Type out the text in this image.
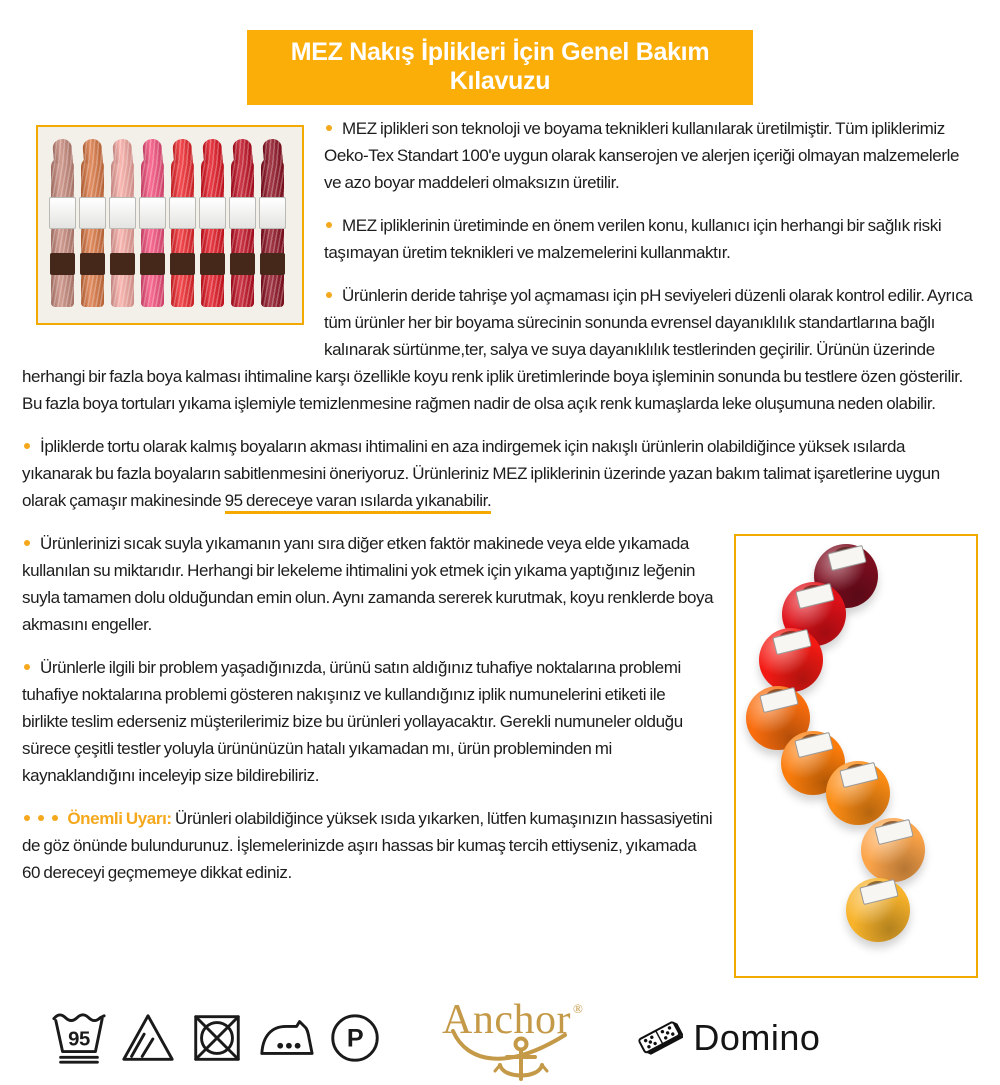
MEZ Nakış İplikleri İçin Genel Bakım Kılavuzu

MEZ iplikleri son teknoloji ve boyama teknikleri kullanılarak üretilmiştir. Tüm ipliklerimiz Oeko-Tex Standart 100'e uygun olarak kanserojen ve alerjen içeriği olmayan malzemelerle ve azo boyar maddeleri olmaksızın üretilir.

MEZ ipliklerinin üretiminde en önem verilen konu, kullanıcı için herhangi bir sağlık riski taşımayan üretim teknikleri ve malzemelerini kullanmaktır.

Ürünlerin deride tahrişe yol açmaması için pH seviyeleri düzenli olarak kontrol edilir. Ayrıca tüm ürünler her bir boyama sürecinin sonunda evrensel dayanıklılık standartlarına bağlı kalınarak sürtünme,ter, salya ve suya dayanıklılık testlerinden geçirilir. Ürünün üzerinde herhangi bir fazla boya kalması ihtimaline karşı özellikle koyu renk iplik üretimlerinde boya işleminin sonunda bu testlere özen gösterilir. Bu fazla boya tortuları yıkama işlemiyle temizlenmesine rağmen nadir de olsa açık renk kumaşlarda leke oluşumuna neden olabilir.

İpliklerde tortu olarak kalmış boyaların akması ihtimalini en aza indirgemek için nakışlı ürünlerin olabildiğince yüksek ısılarda yıkanarak bu fazla boyaların sabitlenmesini öneriyoruz. Ürünleriniz MEZ ipliklerinin üzerinde yazan bakım talimat işaretlerine uygun olarak çamaşır makinesinde 95 dereceye varan ısılarda yıkanabilir.

Ürünlerinizi sıcak suyla yıkamanın yanı sıra diğer etken faktör makinede veya elde yıkamada kullanılan su miktarıdır. Herhangi bir lekeleme ihtimalini yok etmek için yıkama yaptığınız leğenin suyla tamamen dolu olduğundan emin olun. Aynı zamanda sererek kurutmak, koyu renklerde boya akmasını engeller.

Ürünlerle ilgili bir problem yaşadığınızda, ürünü satın aldığınız tuhafiye noktalarına problemi tuhafiye noktalarına problemi gösteren nakışınız ve kullandığınız iplik numunelerini etiketi ile birlikte teslim ederseniz müşterilerimiz bize bu ürünleri yollayacaktır. Gerekli numuneler olduğu sürece çeşitli testler yoluyla ürününüzün hatalı yıkamadan mı, ürün probleminden mi kaynaklandığını inceleyip size bildirebiliriz.

Önemli Uyarı: Ürünleri olabildiğince yüksek ısıda yıkarken, lütfen kumaşınızın hassasiyetini de göz önünde bulundurunuz. İşlemelerinizde aşırı hassas bir kumaş tercih ettiyseniz, yıkamada 60 dereceyi geçmemeye dikkat ediniz.

95	P Anchor ®
Domino
